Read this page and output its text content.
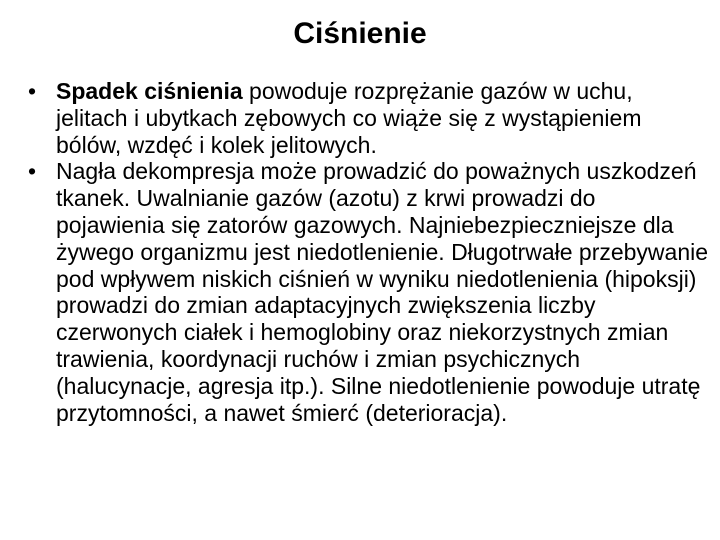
Ciśnienie
• Spadek ciśnienia powoduje rozprężanie gazów w uchu, jelitach i ubytkach zębowych co wiąże się z wystąpieniem bólów, wzdęć i kolek jelitowych.
• Nagła dekompresja może prowadzić do poważnych uszkodzeń tkanek. Uwalnianie gazów (azotu) z krwi prowadzi do pojawienia się zatorów gazowych. Najniebezpieczniejsze dla żywego organizmu jest niedotlenienie. Długotrwałe przebywanie pod wpływem niskich ciśnień w wyniku niedotlenienia (hipoksji) prowadzi do zmian adaptacyjnych zwiększenia liczby czerwonych ciałek i hemoglobiny oraz niekorzystnych zmian trawienia, koordynacji ruchów i zmian psychicznych (halucynacje, agresja itp.). Silne niedotlenienie powoduje utratę przytomności, a nawet śmierć (deterioracja).
